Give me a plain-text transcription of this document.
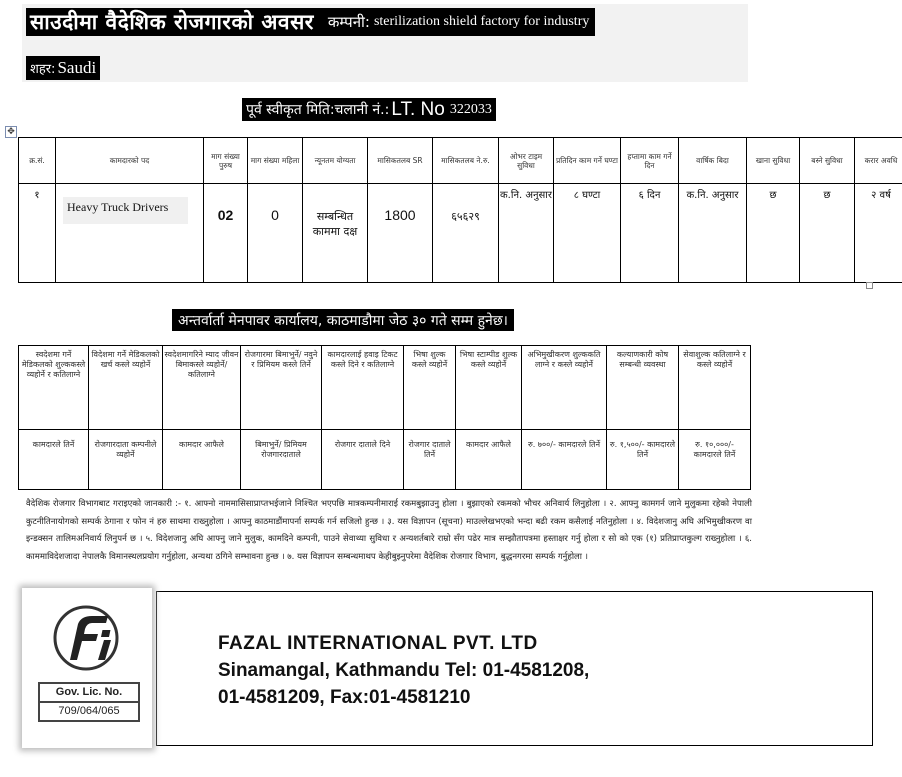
साउदीमा वैदेशिक रोजगारको अवसर कम्पनी: sterilization shield factory for industry
शहर: Saudi
पूर्व स्वीकृत मिति:चलानी नं.: LT. No 322033
✥
क्र.सं.	कामदारको पद	माग संख्या पुरुष	माग संख्या महिला	न्यूनतम योग्यता	मासिकतलब SR	मासिकतलब ने.रु.	ओभर टाइम सुविधा	प्रतिदिन काम गर्ने घण्टा	हप्तामा काम गर्ने दिन	वार्षिक बिदा	खाना सुविधा	बस्ने सुविधा	करार अवधि
१	Heavy Truck Drivers	02	0	सम्बन्धित काममा दक्ष	1800	६५६२९	क.नि. अनुसार	८ घण्टा	६ दिन	क.नि. अनुसार	छ	छ	२ वर्ष
अन्तर्वार्ता मेनपावर कार्यालय, काठमाडौमा जेठ ३० गते सम्म हुनेछ।
स्वदेशमा गर्ने मेडिकलको शुल्ककस्ले व्यहोर्ने र कतिलाग्ने	विदेशमा गर्ने मेडिकलको खर्च कस्ले व्यहोर्ने	स्वदेशमागरिने म्याद जीवन बिमाकस्ले व्यहोर्ने/कतिलाग्ने	रोजगारमा बिमाभुर्ने/ नवुने र प्रिमियम कस्ले तिर्ने	कामदारलाई हवाइ टिकट कस्ले दिने र कतिलाग्ने	भिषा शुल्क कस्ले व्यहोर्ने	भिषा स्टाम्पीड शुल्क कस्ले व्यहोर्ने	अभिमुखीकरण शुल्ककति लाग्ने र कस्ले व्यहोर्ने	कल्याणकारी कोष सम्बन्धी व्यवस्था	सेवाशुल्क कतिलाग्ने र कस्ले व्यहोर्ने
कामदारले तिर्ने	रोजगारदाता कम्पनीले व्यहोर्ने	कामदार आफैले	बिमाभुर्ने/ प्रिमियम रोजगारदाताले	रोजगार दाताले दिने	रोजगार दाताले तिर्ने	कामदार आफैले	रु. ७००/- कामदारले तिर्ने	रु. १,५००/- कामदारले तिर्ने	रु. १०,०००/- कामदारले तिर्ने
वैदेशिक रोजगार विभागबाट गराइएको जानकारी :- १. आफ्नो नाममासिसाप्राप्तभईजाने निश्चित भएपछि मात्रकम्पनीमाराई रकमबुझाउनु होला । बुझाएको रकमको भौचर अनिवार्य लिनुहोला । २. आफ्नु कामगर्न जाने मुलुकमा रहेको नेपाली कुटनीतिनायोगको सम्पर्क ठेगाना र फोन नं हरु साथमा राख्नुहोला । आफ्नु काठमाडौंमापर्ना सम्पर्क गर्न सजिलो हुन्छ । ३. यस विज्ञापन (सूचना) माउल्लेखभएको भन्दा बढी रकम कसैलाई नतिनुहोला । ४. विदेशजानु अघि अभिमुखीकरण वा इन्डक्सन तालिमअनिवार्य लिनुपर्न छ । ५. विदेशजानु अघि आफ्नु जाने मुलुक, कामदिने कम्पनी, पाउने सेवाथ्या सुविधा र अन्यशर्तबारे राम्रो सँग पढेर मात्र सम्झौतापत्रमा हस्ताक्षर गर्नु होला र सो को एक (१) प्रतिप्राप्तकुल्ग राख्नुहोला । ६. काममाविदेशजादा नेपालकै विमानस्थलप्रयोग गर्नुहोला, अन्यथा ठगिने सम्भावना हुन्छ । ७. यस विज्ञापन सम्बन्धमाथप केहीबुझ्नुपरेमा वैदेशिक रोजगार विभाग, बुद्धनगरमा सम्पर्क गर्नुहोला ।
Gov. Lic. No.
709/064/065
FAZAL INTERNATIONAL PVT. LTD
Sinamangal, Kathmandu Tel: 01-4581208,
01-4581209, Fax:01-4581210
